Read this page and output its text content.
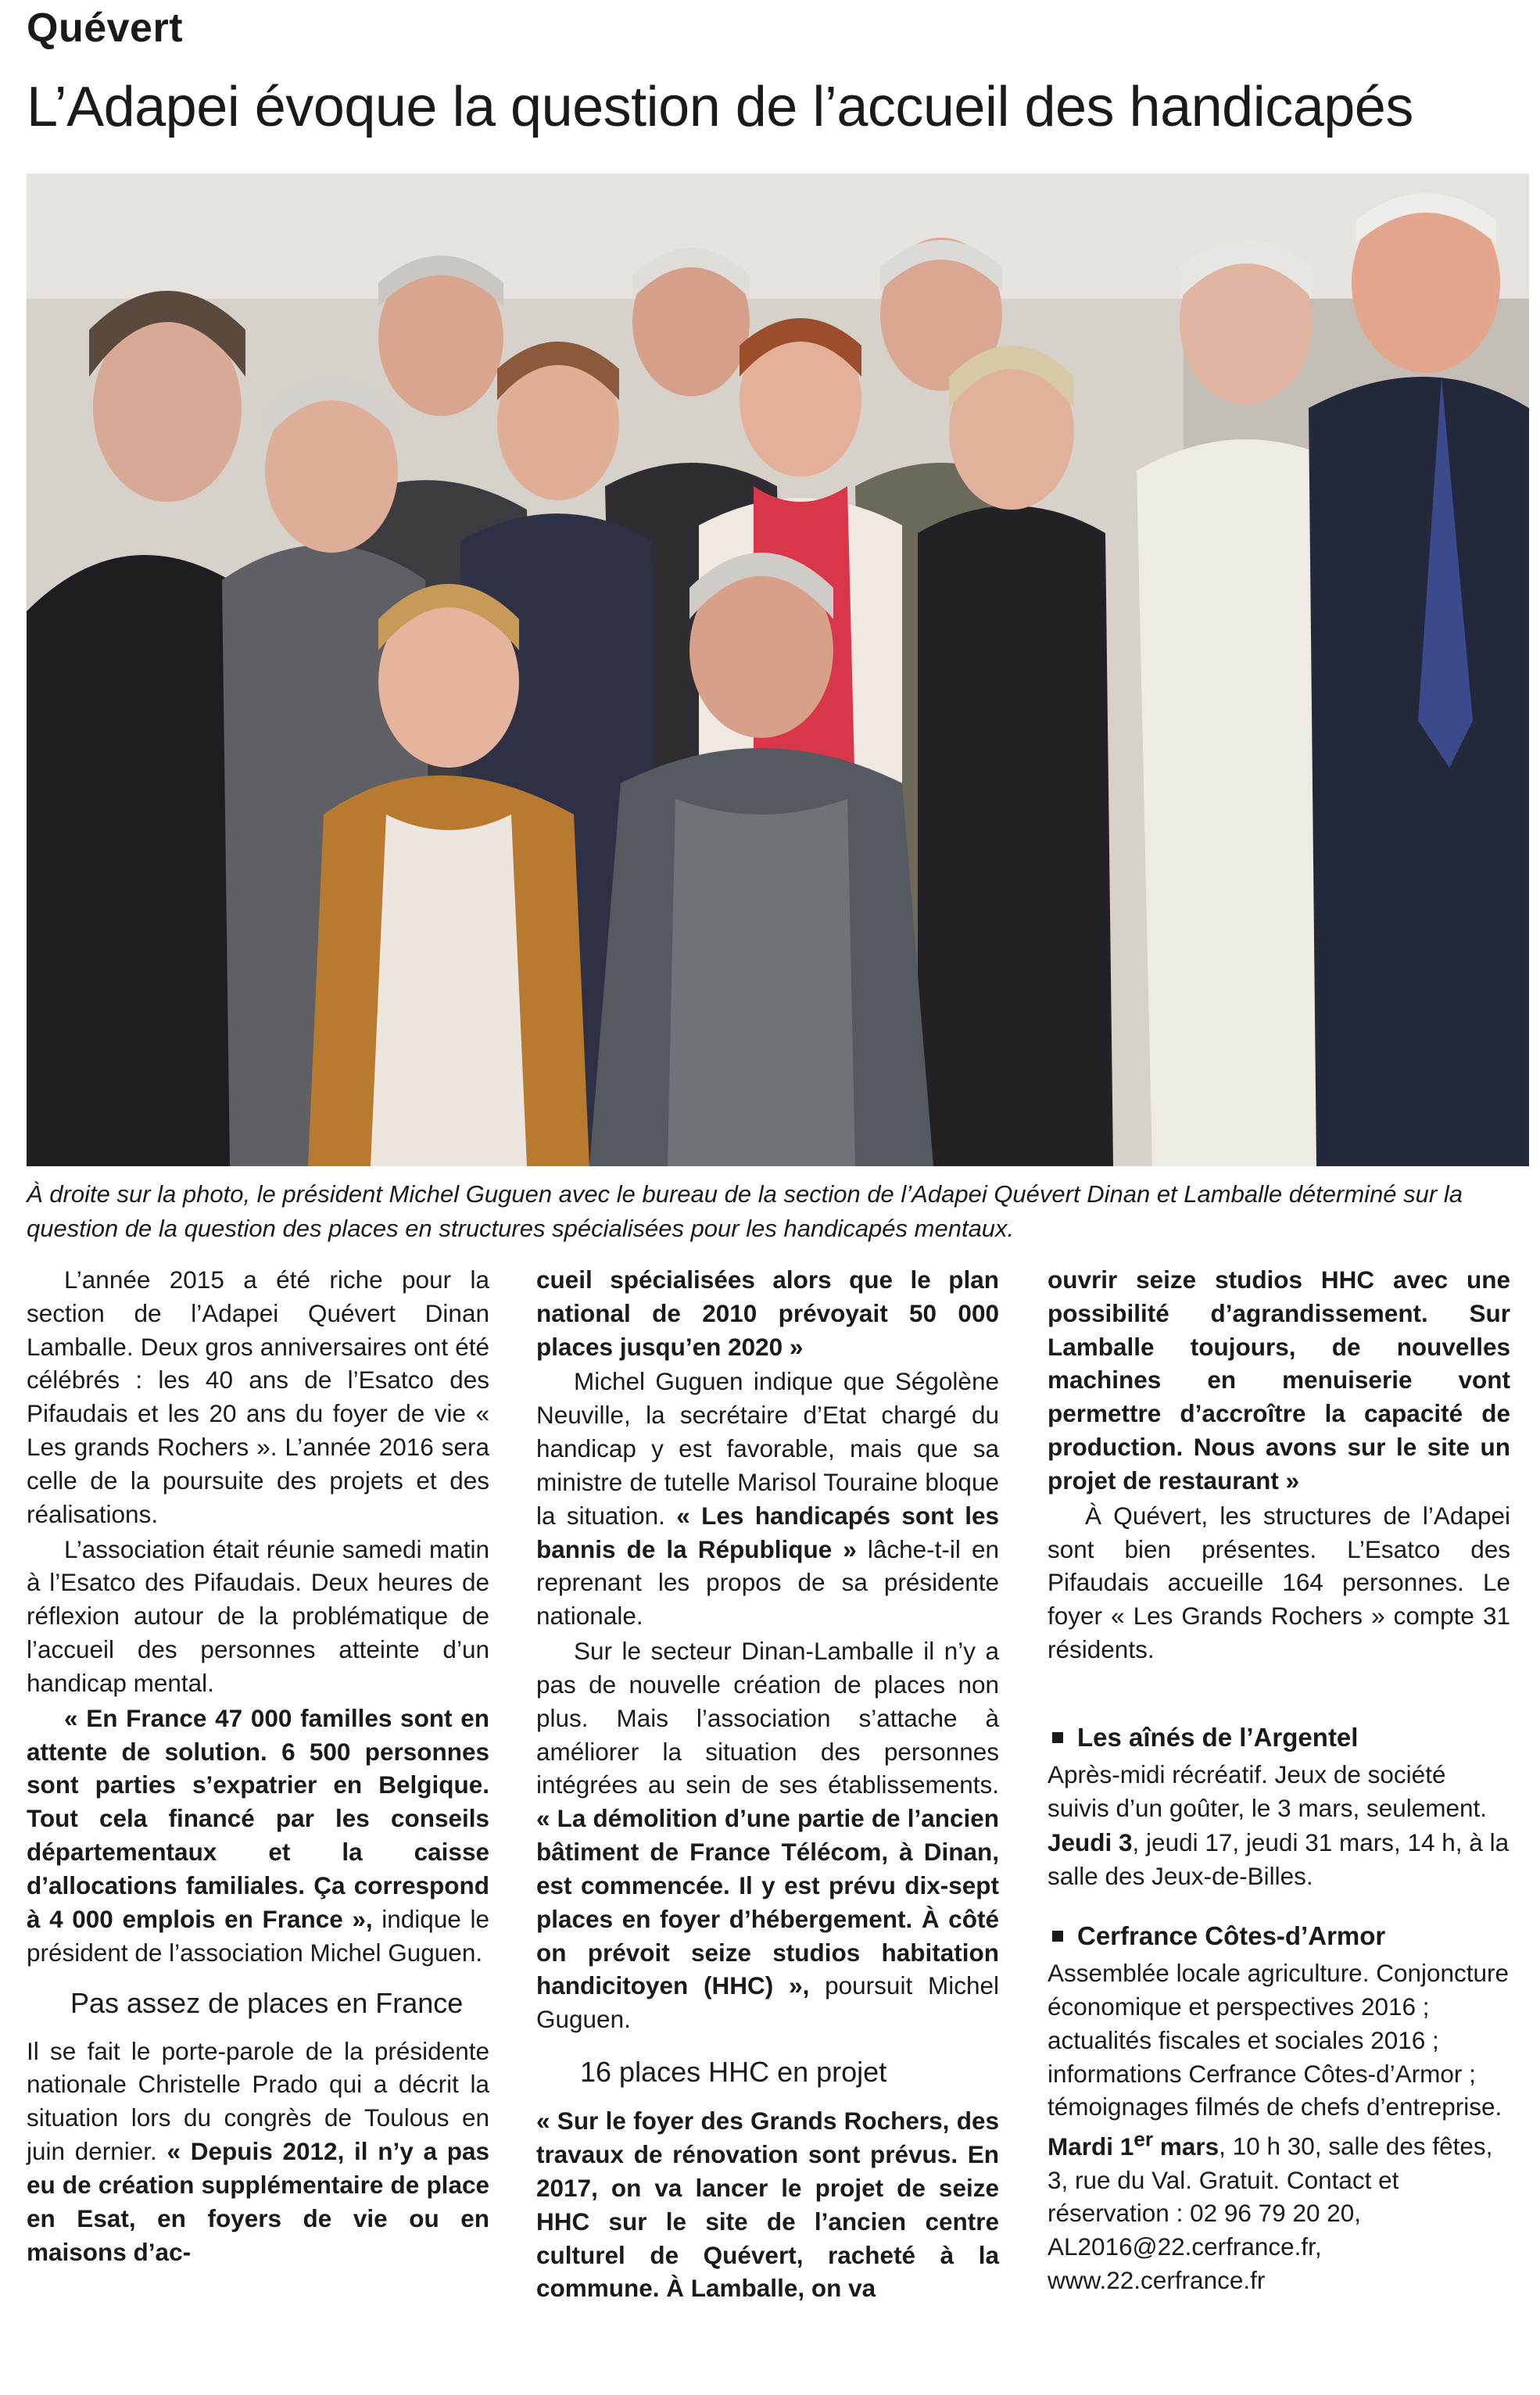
Quévert
L’Adapei évoque la question de l’accueil des handicapés

À droite sur la photo, le président Michel Guguen avec le bureau de la section de l’Adapei Quévert Dinan et Lamballe déterminé sur la question de la question des places en structures spécialisées pour les handicapés mentaux.

L’année 2015 a été riche pour la section de l’Adapei Quévert Dinan Lamballe. Deux gros anniversaires ont été célébrés : les 40 ans de l’Esatco des Pifaudais et les 20 ans du foyer de vie « Les grands Rochers ». L’année 2016 sera celle de la poursuite des projets et des réalisations.

L’association était réunie samedi matin à l’Esatco des Pifaudais. Deux heures de réflexion autour de la problématique de l’accueil des personnes atteinte d’un handicap mental.

« En France 47 000 familles sont en attente de solution. 6 500 personnes sont parties s’expatrier en Belgique. Tout cela financé par les conseils départementaux et la caisse d’allocations familiales. Ça correspond à 4 000 emplois en France », indique le président de l’association Michel Guguen.

Pas assez de places en France

Il se fait le porte-parole de la présidente nationale Christelle Prado qui a décrit la situation lors du congrès de Toulous en juin dernier. « Depuis 2012, il n’y a pas eu de création supplémentaire de place en Esat, en foyers de vie ou en maisons d’ac-

cueil spécialisées alors que le plan national de 2010 prévoyait 50 000 places jusqu’en 2020 »

Michel Guguen indique que Ségolène Neuville, la secrétaire d’Etat chargé du handicap y est favorable, mais que sa ministre de tutelle Marisol Touraine bloque la situation. « Les handicapés sont les bannis de la République » lâche-t-il en reprenant les propos de sa présidente nationale.

Sur le secteur Dinan-Lamballe il n’y a pas de nouvelle création de places non plus. Mais l’association s’attache à améliorer la situation des personnes intégrées au sein de ses établissements. « La démolition d’une partie de l’ancien bâtiment de France Télécom, à Dinan, est commencée. Il y est prévu dix-sept places en foyer d’hébergement. À côté on prévoit seize studios habitation handicitoyen (HHC) », poursuit Michel Guguen.

16 places HHC en projet

« Sur le foyer des Grands Rochers, des travaux de rénovation sont prévus. En 2017, on va lancer le projet de seize HHC sur le site de l’ancien centre culturel de Quévert, racheté à la commune. À Lamballe, on va

ouvrir seize studios HHC avec une possibilité d’agrandissement. Sur Lamballe toujours, de nouvelles machines en menuiserie vont permettre d’accroître la capacité de production. Nous avons sur le site un projet de restaurant »

À Quévert, les structures de l’Adapei sont bien présentes. L’Esatco des Pifaudais accueille 164 personnes. Le foyer « Les Grands Rochers » compte 31 résidents.

Les aînés de l’Argentel

Après-midi récréatif. Jeux de société suivis d’un goûter, le 3 mars, seulement.

Jeudi 3, jeudi 17, jeudi 31 mars, 14 h, à la salle des Jeux-de-Billes.

Cerfrance Côtes-d’Armor

Assemblée locale agriculture. Conjoncture économique et perspectives 2016 ; actualités fiscales et sociales 2016 ; informations Cerfrance Côtes-d’Armor ; témoignages filmés de chefs d’entreprise.

Mardi 1er mars, 10 h 30, salle des fêtes, 3, rue du Val. Gratuit. Contact et réservation : 02 96 79 20 20, AL2016@22.cerfrance.fr, www.22.cerfrance.fr
